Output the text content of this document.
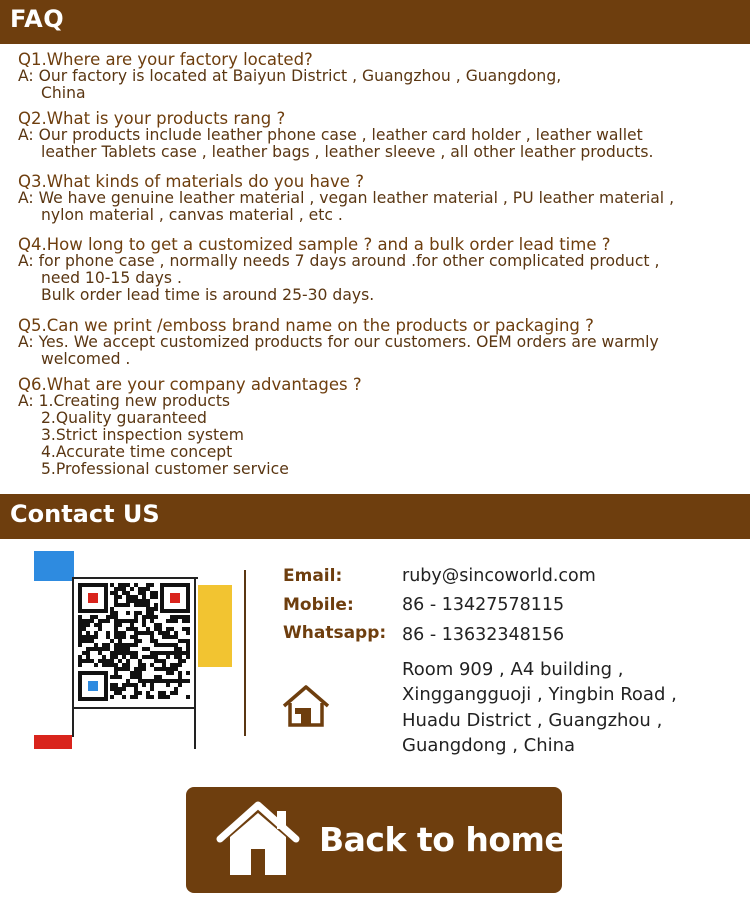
FAQ
Q1.Where are your factory located?
A: Our factory is located at Baiyun District , Guangzhou , Guangdong,
China
Q2.What is your products rang ?
A: Our products include leather phone case , leather card holder , leather wallet
leather Tablets case , leather bags , leather sleeve , all other leather products.
Q3.What kinds of materials do you have ?
A: We have genuine leather material , vegan leather material , PU leather material ,
nylon material , canvas material , etc .
Q4.How long to get a customized sample ? and a bulk order lead time ?
A: for phone case , normally needs 7 days around .for other complicated product ,
need 10-15 days .
Bulk order lead time is around 25-30 days.
Q5.Can we print /emboss brand name on the products or packaging ?
A: Yes. We accept customized products for our customers. OEM orders are warmly
welcomed .
Q6.What are your company advantages ?
A: 1.Creating new products
2.Quality guaranteed
3.Strict inspection system
4.Accurate time concept
5.Professional customer service
Contact US
Email:	ruby@sincoworld.com
Mobile:	86 - 13427578115
Whatsapp: 86 - 13632348156
Room 909 , A4 building ,
Xinggangguoji , Yingbin Road ,
Huadu District , Guangzhou ,
Guangdong , China
Back to home
